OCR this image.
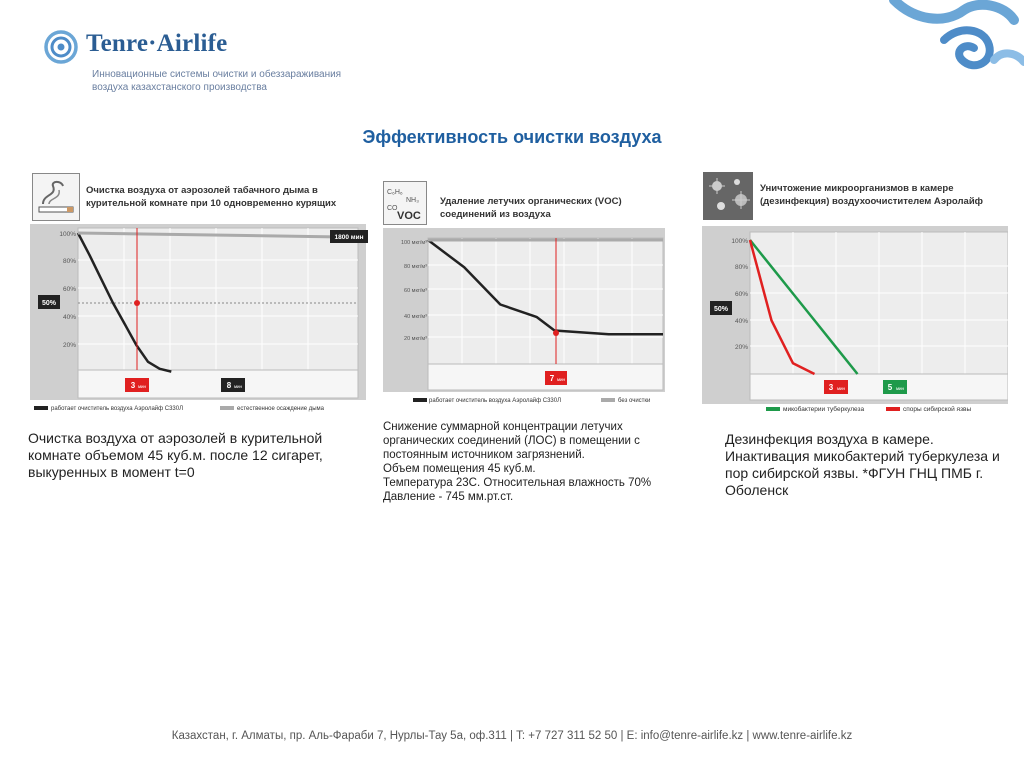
Tenre·Airlife
Инновационные системы очистки и обеззараживания
воздуха казахстанского производства
Эффективность очистки воздуха
Очистка воздуха от аэрозолей табачного дыма в
курительной комнате при 10 одновременно курящих
100%
80%
60%
40%
20%
50%
1800 мин
3 мин	8 мин
работает очиститель воздуха Аэролайф С330Л	естественное осаждение дыма
Очистка воздуха от аэрозолей в курительной комнате объемом 45 куб.м. после 12 сигарет, выкуренных в момент t=0
C₆H₆
NH₃
CO
VOC
Удаление летучих органических (VOC)
соединений из воздуха
100 мкг/м³
80 мкг/м³
60 мкг/м³
40 мкг/м³
20 мкг/м³
7 мин
работает очиститель воздуха Аэролайф С330Л	без очистки
Снижение суммарной концентрации летучих органических соединений (ЛОС) в помещении с постоянным источником загрязнений.
Объем помещения 45 куб.м.
Температура 23С. Относительная влажность 70%
Давление - 745 мм.рт.ст.
Уничтожение микроорганизмов в камере
(дезинфекция) воздухоочистителем Аэролайф
100%
80%
60%
40%
20%
50%
3 мин	5 мин
микобактерии туберкулеза	споры сибирской язвы
Дезинфекция воздуха в камере. Инактивация микобактерий туберкулеза и пор сибирской язвы. *ФГУН ГНЦ ПМБ г. Оболенск
Казахстан, г. Алматы, пр. Аль-Фараби 7, Нурлы-Тау 5а, оф.311 | T: +7 727 311 52 50 | E: info@tenre-airlife.kz | www.tenre-airlife.kz
